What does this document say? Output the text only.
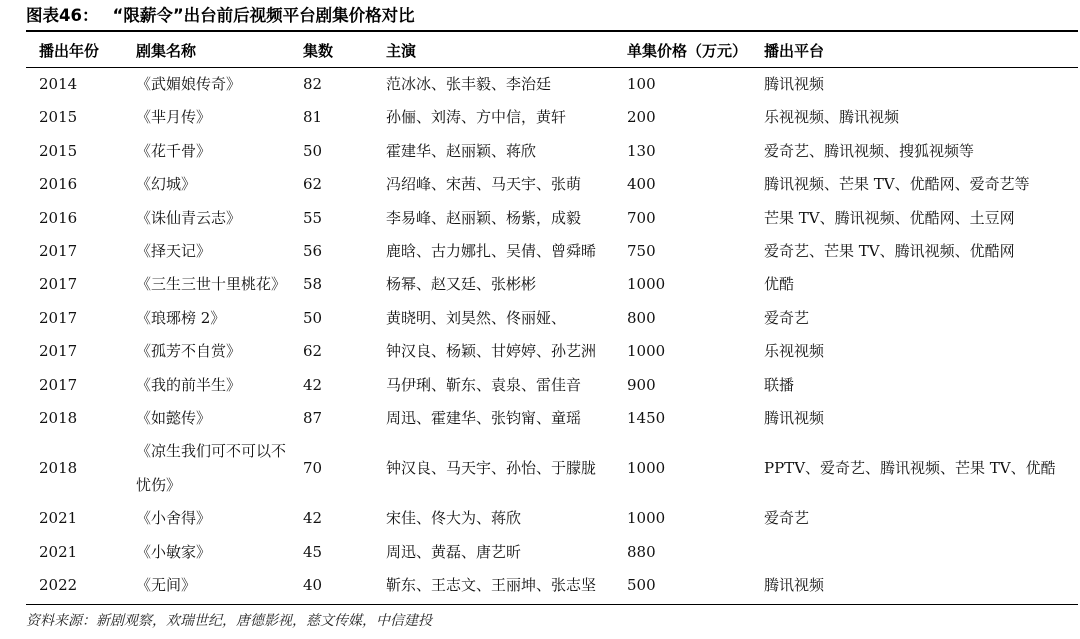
图表46： “限薪令”出台前后视频平台剧集价格对比
播出年份	剧集名称	集数	主演	单集价格（万元）	播出平台
2014	《武媚娘传奇》	82	范冰冰、张丰毅、李治廷	100	腾讯视频
2015	《芈月传》	81	孙俪、刘涛、方中信，黄轩	200	乐视视频、腾讯视频
2015	《花千骨》	50	霍建华、赵丽颖、蒋欣	130	爱奇艺、腾讯视频、搜狐视频等
2016	《幻城》	62	冯绍峰、宋茜、马天宇、张萌	400	腾讯视频、芒果 TV、优酷网、爱奇艺等
2016	《诛仙青云志》	55	李易峰、赵丽颖、杨紫，成毅	700	芒果 TV、腾讯视频、优酷网、土豆网
2017	《择天记》	56	鹿晗、古力娜扎、吴倩、曾舜晞	750	爱奇艺、芒果 TV、腾讯视频、优酷网
2017	《三生三世十里桃花》	58	杨幂、赵又廷、张彬彬	1000	优酷
2017	《琅琊榜 2》	50	黄晓明、刘昊然、佟丽娅、	800	爱奇艺
2017	《孤芳不自赏》	62	钟汉良、杨颖、甘婷婷、孙艺洲	1000	乐视视频
2017	《我的前半生》	42	马伊琍、靳东、袁泉、雷佳音	900	联播
2018	《如懿传》	87	周迅、霍建华、张钧甯、童瑶	1450	腾讯视频
2018	《凉生我们可不可以不忧伤》	70	钟汉良、马天宇、孙怡、于朦胧	1000	PPTV、爱奇艺、腾讯视频、芒果 TV、优酷
2021	《小舍得》	42	宋佳、佟大为、蒋欣	1000	爱奇艺
2021	《小敏家》	45	周迅、黄磊、唐艺昕	880	
2022	《无间》	40	靳东、王志文、王丽坤、张志坚	500	腾讯视频
资料来源：新剧观察，欢瑞世纪，唐德影视，慈文传媒，中信建投
